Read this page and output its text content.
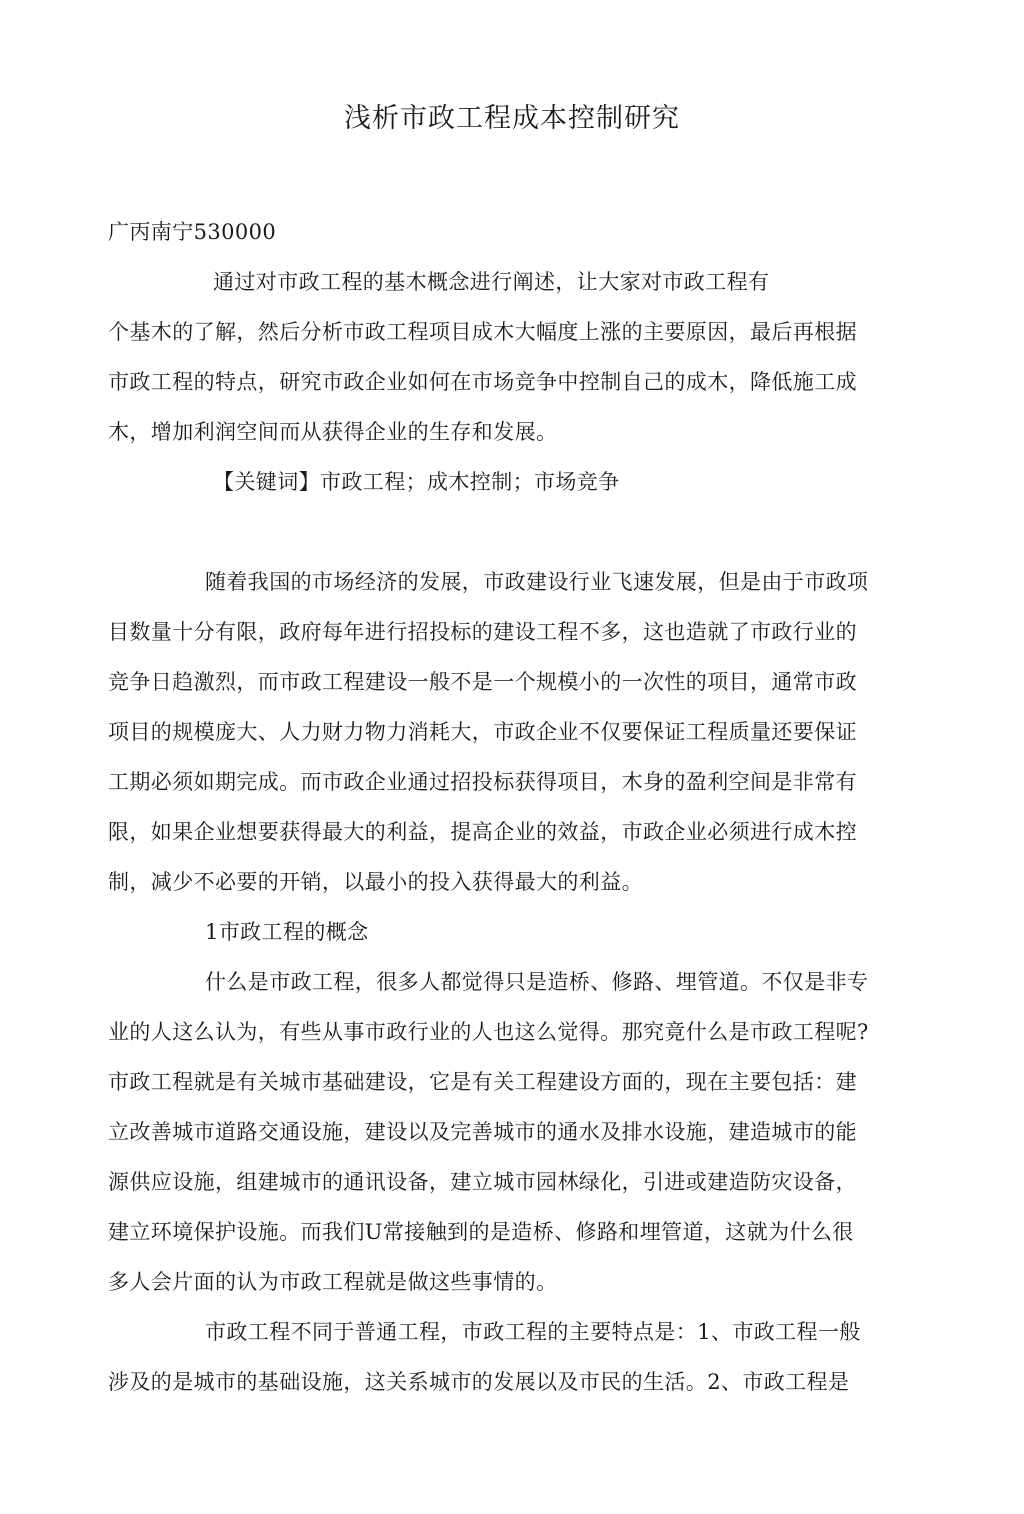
浅析市政工程成本控制研究

广丙南宁530000

通过对市政工程的基木概念进行阐述，让大家对市政工程有

个基木的了解，然后分析市政工程项目成木大幅度上涨的主要原因，最后再根据

市政工程的特点，研究市政企业如何在市场竞争中控制自己的成木，降低施工成

木，增加利润空间而从获得企业的生存和发展。

【关键词】市政工程；成木控制；市场竞争

随着我国的市场经济的发展，市政建设行业飞速发展，但是由于市政项

目数量十分有限，政府每年进行招投标的建设工程不多，这也造就了市政行业的

竞争日趋激烈，而市政工程建设一般不是一个规模小的一次性的项目，通常市政

项目的规模庞大、人力财力物力消耗大，市政企业不仅要保证工程质量还要保证

工期必须如期完成。而市政企业通过招投标获得项目，木身的盈利空间是非常有

限，如果企业想要获得最大的利益，提高企业的效益，市政企业必须进行成木控

制，减少不必要的开销，以最小的投入获得最大的利益。

1市政工程的概念

什么是市政工程，很多人都觉得只是造桥、修路、埋管道。不仅是非专

业的人这么认为，有些从事市政行业的人也这么觉得。那究竟什么是市政工程呢?

市政工程就是有关城市基础建设，它是有关工程建设方面的，现在主要包括：建

立改善城市道路交通设施，建设以及完善城市的通水及排水设施，建造城市的能

源供应设施，组建城市的通讯设备，建立城市园林绿化，引进或建造防灾设备，

建立环境保护设施。而我们U常接触到的是造桥、修路和埋管道，这就为什么很

多人会片面的认为市政工程就是做这些事情的。

市政工程不同于普通工程，市政工程的主要特点是：1、市政工程一般

涉及的是城市的基础设施，这关系城市的发展以及市民的生活。2、市政工程是
